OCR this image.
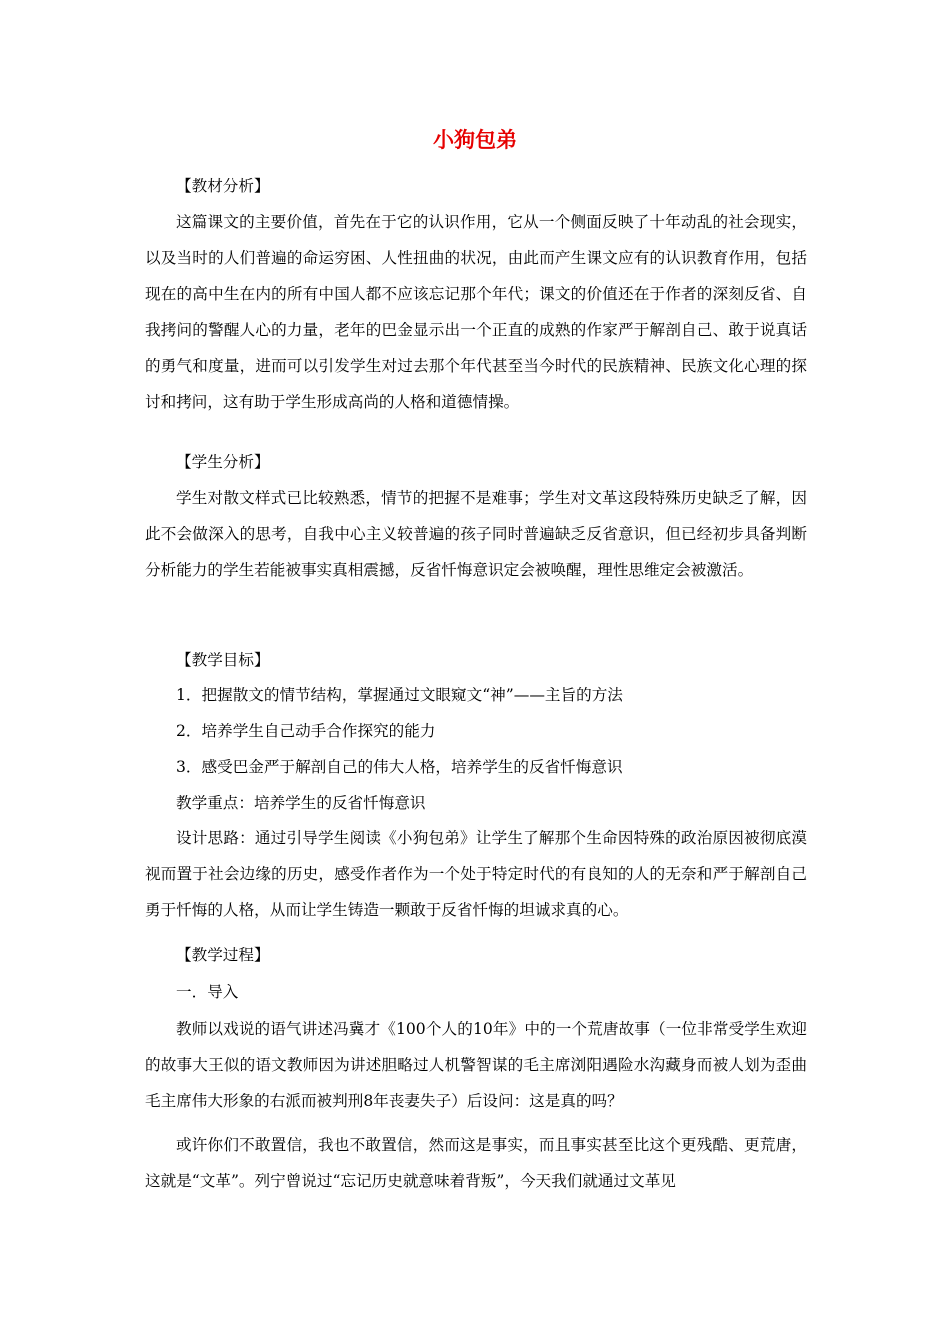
小狗包弟

【教材分析】

这篇课文的主要价值，首先在于它的认识作用，它从一个侧面反映了十年动乱的社会现实，以及当时的人们普遍的命运穷困、人性扭曲的状况，由此而产生课文应有的认识教育作用，包括现在的高中生在内的所有中国人都不应该忘记那个年代；课文的价值还在于作者的深刻反省、自我拷问的警醒人心的力量，老年的巴金显示出一个正直的成熟的作家严于解剖自己、敢于说真话的勇气和度量，进而可以引发学生对过去那个年代甚至当今时代的民族精神、民族文化心理的探讨和拷问，这有助于学生形成高尚的人格和道德情操。

【学生分析】

学生对散文样式已比较熟悉，情节的把握不是难事；学生对文革这段特殊历史缺乏了解，因此不会做深入的思考，自我中心主义较普遍的孩子同时普遍缺乏反省意识，但已经初步具备判断分析能力的学生若能被事实真相震撼，反省忏悔意识定会被唤醒，理性思维定会被激活。

【教学目标】

1．把握散文的情节结构，掌握通过文眼窥文“神”——主旨的方法

2．培养学生自己动手合作探究的能力

3．感受巴金严于解剖自己的伟大人格，培养学生的反省忏悔意识

教学重点：培养学生的反省忏悔意识

设计思路：通过引导学生阅读《小狗包弟》让学生了解那个生命因特殊的政治原因被彻底漠视而置于社会边缘的历史，感受作者作为一个处于特定时代的有良知的人的无奈和严于解剖自己勇于忏悔的人格，从而让学生铸造一颗敢于反省忏悔的坦诚求真的心。

【教学过程】

一．导入

教师以戏说的语气讲述冯冀才《100个人的10年》中的一个荒唐故事（一位非常受学生欢迎的故事大王似的语文教师因为讲述胆略过人机警智谋的毛主席浏阳遇险水沟藏身而被人划为歪曲毛主席伟大形象的右派而被判刑8年丧妻失子）后设问：这是真的吗？

或许你们不敢置信，我也不敢置信，然而这是事实，而且事实甚至比这个更残酷、更荒唐，这就是“文革”。列宁曾说过“忘记历史就意味着背叛”，今天我们就通过文革见
